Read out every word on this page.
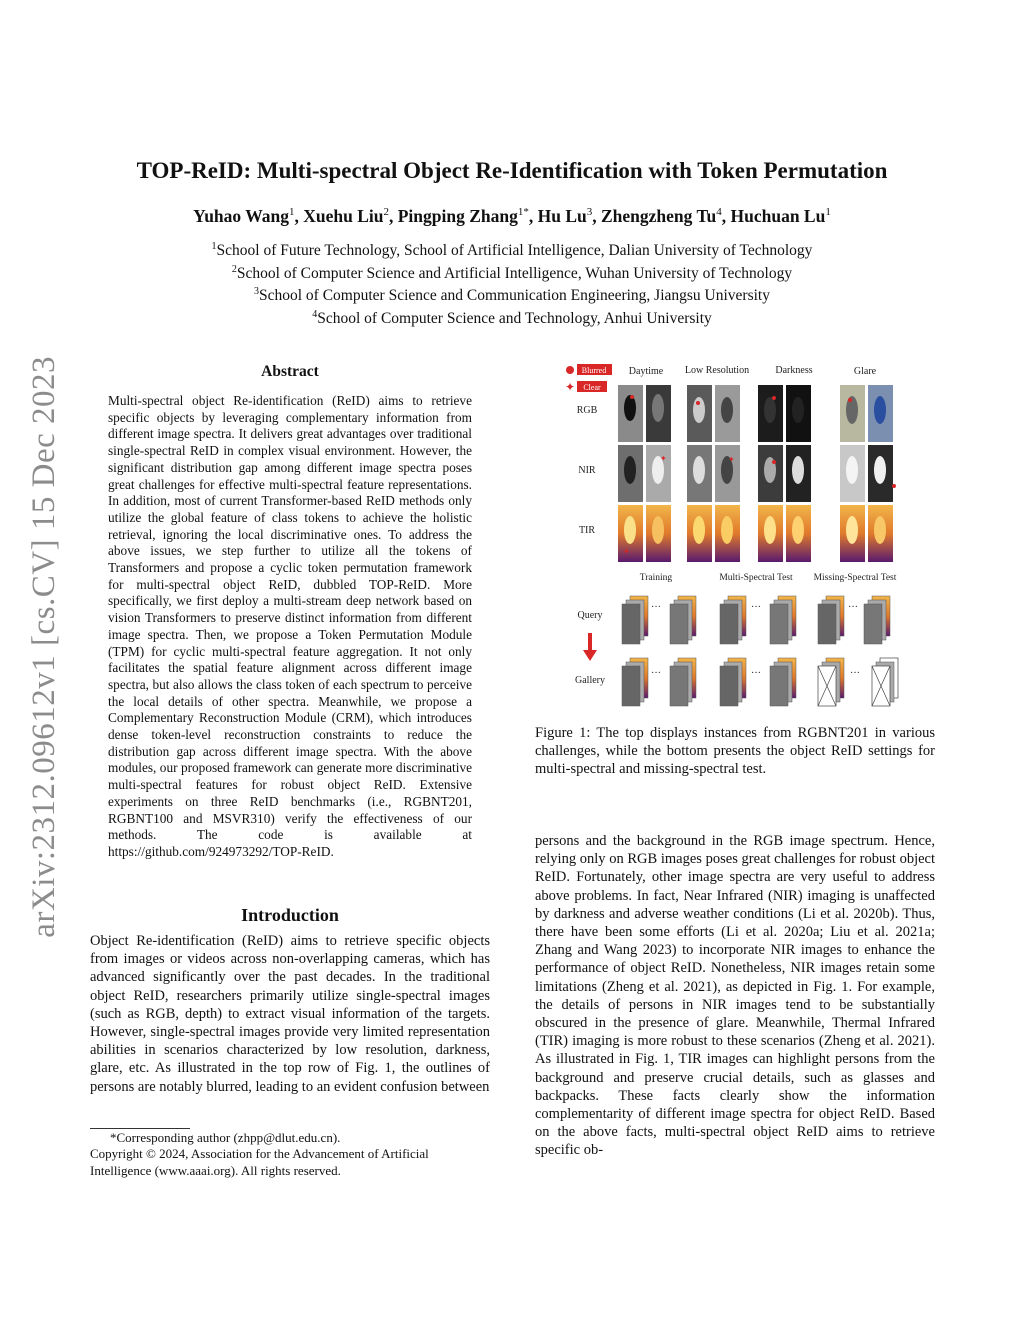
arXiv:2312.09612v1 [cs.CV] 15 Dec 2023
TOP-ReID: Multi-spectral Object Re-Identification with Token Permutation
Yuhao Wang$^1$, Xuehu Liu$^2$, Pingping Zhang$^{1*}$, Hu Lu$^3$, Zhengzheng Tu$^4$, Huchuan Lu$^1$
$^1$School of Future Technology, School of Artificial Intelligence, Dalian University of Technology
$^2$School of Computer Science and Artificial Intelligence, Wuhan University of Technology
$^3$School of Computer Science and Communication Engineering, Jiangsu University
$^4$School of Computer Science and Technology, Anhui University
Abstract
Multi-spectral object Re-identification (ReID) aims to retrieve specific objects by leveraging complementary information from different image spectra. It delivers great advantages over traditional single-spectral ReID in complex visual environment. However, the significant distribution gap among different image spectra poses great challenges for effective multi-spectral feature representations. In addition, most of current Transformer-based ReID methods only utilize the global feature of class tokens to achieve the holistic retrieval, ignoring the local discriminative ones. To address the above issues, we step further to utilize all the tokens of Transformers and propose a cyclic token permutation framework for multi-spectral object ReID, dubbled TOP-ReID. More specifically, we first deploy a multi-stream deep network based on vision Transformers to preserve distinct information from different image spectra. Then, we propose a Token Permutation Module (TPM) for cyclic multi-spectral feature aggregation. It not only facilitates the spatial feature alignment across different image spectra, but also allows the class token of each spectrum to perceive the local details of other spectra. Meanwhile, we propose a Complementary Reconstruction Module (CRM), which introduces dense token-level reconstruction constraints to reduce the distribution gap across different image spectra. With the above modules, our proposed framework can generate more discriminative multi-spectral features for robust object ReID. Extensive experiments on three ReID benchmarks (i.e., RGBNT201, RGBNT100 and MSVR310) verify the effectiveness of our methods. The code is available at https://github.com/924973292/TOP-ReID.
Introduction
Object Re-identification (ReID) aims to retrieve specific objects from images or videos across non-overlapping cameras, which has advanced significantly over the past decades. In the traditional object ReID, researchers primarily utilize single-spectral images (such as RGB, depth) to extract visual information of the targets. However, single-spectral images provide very limited representation abilities in scenarios characterized by low resolution, darkness, glare, etc. As illustrated in the top row of Fig. 1, the outlines of persons are notably blurred, leading to an evident confusion between

*Corresponding author (zhpp@dlut.edu.cn).

Copyright © 2024, Association for the Advancement of Artificial Intelligence (www.aaai.org). All rights reserved.

Blurred
✦ Clear
Daytime Low Resolution	Darkness	Glare
RGB
NIR
TIR
✦	✦
✦
Training	Multi-Spectral Test Missing-Spectral Test
Query
Gallery
···	···	···
···	···	···
Figure 1: The top displays instances from RGBNT201 in various challenges, while the bottom presents the object ReID settings for multi-spectral and missing-spectral test.
persons and the background in the RGB image spectrum. Hence, relying only on RGB images poses great challenges for robust object ReID. Fortunately, other image spectra are very useful to address above problems. In fact, Near Infrared (NIR) imaging is unaffected by darkness and adverse weather conditions (Li et al. 2020b). Thus, there have been some efforts (Li et al. 2020a; Liu et al. 2021a; Zhang and Wang 2023) to incorporate NIR images to enhance the performance of object ReID. Nonetheless, NIR images retain some limitations (Zheng et al. 2021), as depicted in Fig. 1. For example, the details of persons in NIR images tend to be substantially obscured in the presence of glare. Meanwhile, Thermal Infrared (TIR) imaging is more robust to these scenarios (Zheng et al. 2021). As illustrated in Fig. 1, TIR images can highlight persons from the background and preserve crucial details, such as glasses and backpacks. These facts clearly show the information complementarity of different image spectra for object ReID. Based on the above facts, multi-spectral object ReID aims to retrieve specific ob-
